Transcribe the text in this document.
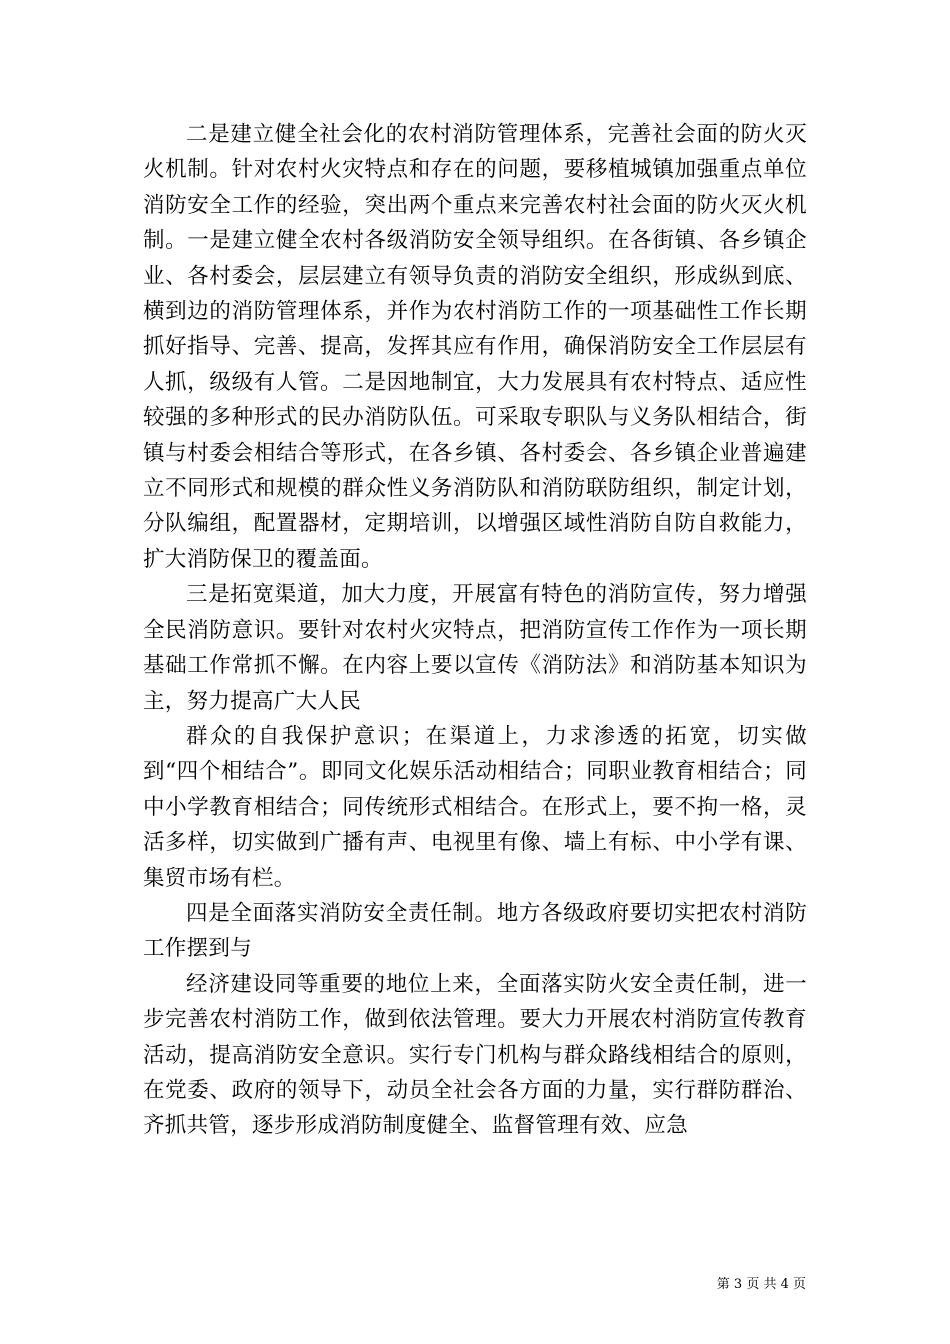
二是建立健全社会化的农村消防管理体系，完善社会面的防火灭火机制。针对农村火灾特点和存在的问题，要移植城镇加强重点单位消防安全工作的经验，突出两个重点来完善农村社会面的防火灭火机制。一是建立健全农村各级消防安全领导组织。在各街镇、各乡镇企业、各村委会，层层建立有领导负责的消防安全组织，形成纵到底、横到边的消防管理体系，并作为农村消防工作的一项基础性工作长期抓好指导、完善、提高，发挥其应有作用，确保消防安全工作层层有人抓，级级有人管。二是因地制宜，大力发展具有农村特点、适应性较强的多种形式的民办消防队伍。可采取专职队与义务队相结合，街镇与村委会相结合等形式，在各乡镇、各村委会、各乡镇企业普遍建立不同形式和规模的群众性义务消防队和消防联防组织，制定计划，分队编组，配置器材，定期培训，以增强区域性消防自防自救能力，扩大消防保卫的覆盖面。

三是拓宽渠道，加大力度，开展富有特色的消防宣传，努力增强全民消防意识。要针对农村火灾特点，把消防宣传工作作为一项长期基础工作常抓不懈。在内容上要以宣传《消防法》和消防基本知识为主，努力提高广大人民

群众的自我保护意识；在渠道上，力求渗透的拓宽，切实做到“四个相结合”。即同文化娱乐活动相结合；同职业教育相结合；同中小学教育相结合；同传统形式相结合。在形式上，要不拘一格，灵活多样，切实做到广播有声、电视里有像、墙上有标、中小学有课、集贸市场有栏。

四是全面落实消防安全责任制。地方各级政府要切实把农村消防工作摆到与

经济建设同等重要的地位上来，全面落实防火安全责任制，进一步完善农村消防工作，做到依法管理。要大力开展农村消防宣传教育活动，提高消防安全意识。实行专门机构与群众路线相结合的原则，在党委、政府的领导下，动员全社会各方面的力量，实行群防群治、齐抓共管，逐步形成消防制度健全、监督管理有效、应急

第 3 页 共 4 页
